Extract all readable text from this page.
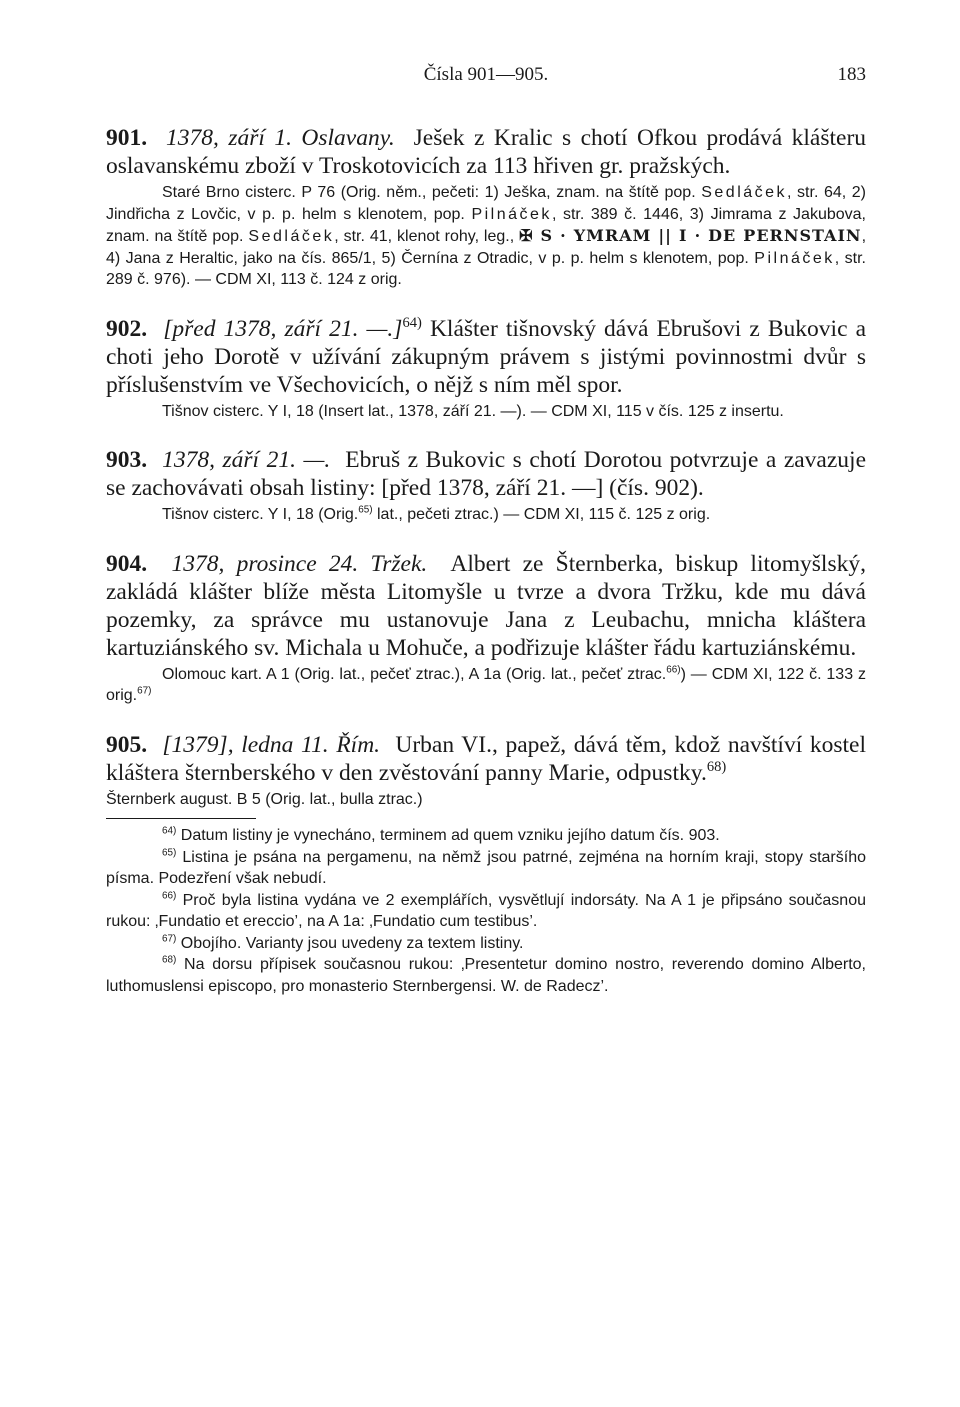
Čísla 901—905.	183

901. 1378, září 1. Oslavany. Ješek z Kralic s chotí Ofkou prodává klášteru oslavanskému zboží v Troskotovicích za 113 hřiven gr. pražských.

Staré Brno cisterc. P 76 (Orig. něm., pečeti: 1) Ješka, znam. na štítě pop. Sedláček, str. 64, 2) Jindřicha z Lovčic, v p. p. helm s klenotem, pop. Pilnáček, str. 389 č. 1446, 3) Jimrama z Jakubova, znam. na štítě pop. Sedláček, str. 41, klenot rohy, leg., ✠ S · YMRAM || I · DE PERNSTAIN, 4) Jana z Heraltic, jako na čís. 865/1, 5) Černína z Otradic, v p. p. helm s klenotem, pop. Pilnáček, str. 289 č. 976). — CDM XI, 113 č. 124 z orig.

902. [před 1378, září 21. —.]$^{64)}$ Klášter tišnovský dává Ebrušovi z Bukovic a choti jeho Dorotě v užívání zákupným právem s jistými povinnostmi dvůr s příslušenstvím ve Všechovicích, o nějž s ním měl spor.

Tišnov cisterc. Y I, 18 (Insert lat., 1378, září 21. —). — CDM XI, 115 v čís. 125 z insertu.

903. 1378, září 21. —. Ebruš z Bukovic s chotí Dorotou potvrzuje a zavazuje se zachovávati obsah listiny: [před 1378, září 21. —] (čís. 902).

Tišnov cisterc. Y I, 18 (Orig.$^{65)}$ lat., pečeti ztrac.) — CDM XI, 115 č. 125 z orig.

904. 1378, prosince 24. Tržek. Albert ze Šternberka, biskup litomyšlský, zakládá klášter blíže města Litomyšle u tvrze a dvora Tržku, kde mu dává pozemky, za správce mu ustanovuje Jana z Leubachu, mnicha kláštera kartuziánského sv. Michala u Mohuče, a podřizuje klášter řádu kartuziánskému.

Olomouc kart. A 1 (Orig. lat., pečeť ztrac.), A 1a (Orig. lat., pečeť ztrac.$^{66)}$) — CDM XI, 122 č. 133 z orig.$^{67)}$

905. [1379], ledna 11. Řím. Urban VI., papež, dává těm, kdož navštíví kostel kláštera šternberského v den zvěstování panny Marie, odpustky.$^{68)}$

Šternberk august. B 5 (Orig. lat., bulla ztrac.)

$^{64)}$ Datum listiny je vynecháno, terminem ad quem vzniku jejího datum čís. 903.

$^{65)}$ Listina je psána na pergamenu, na němž jsou patrné, zejména na horním kraji, stopy staršího písma. Podezření však nebudí.

$^{66)}$ Proč byla listina vydána ve 2 exemplářích, vysvětlují indorsáty. Na A 1 je připsáno současnou rukou: ‚Fundatio et ereccio’, na A 1a: ‚Fundatio cum testibus’.

$^{67)}$ Obojího. Varianty jsou uvedeny za textem listiny.

$^{68)}$ Na dorsu přípisek současnou rukou: ‚Presentetur domino nostro, reverendo domino Alberto, luthomuslensi episcopo, pro monasterio Sternbergensi. W. de Radecz’.
